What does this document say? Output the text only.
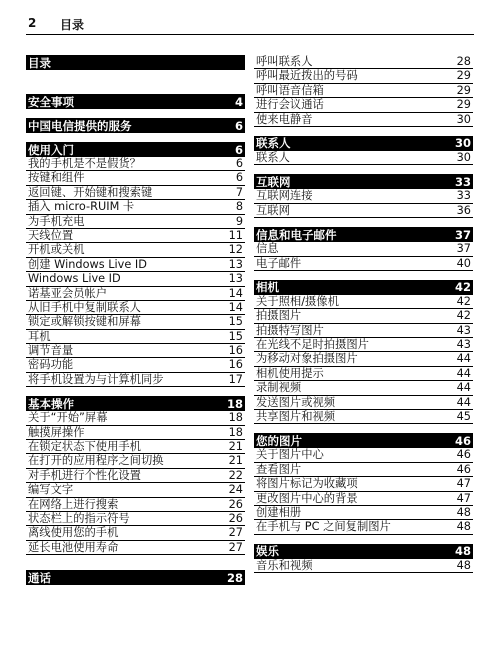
2 目录
目录
安全事项	4
中国电信提供的服务	6
使用入门	6
我的手机是不是假货？	6
按键和组件	6
返回键、开始键和搜索键	7
插入 micro-RUIM 卡	8
为手机充电	9
天线位置	11
开机或关机	12
创建 Windows Live ID	13
Windows Live ID	13
诺基亚会员帐户	14
从旧手机中复制联系人	14
锁定或解锁按键和屏幕	15
耳机	15
调节音量	16
密码功能	16
将手机设置为与计算机同步	17
基本操作	18
关于“开始”屏幕	18
触摸屏操作	18
在锁定状态下使用手机	21
在打开的应用程序之间切换	21
对手机进行个性化设置	22
编写文字	24
在网络上进行搜索	26
状态栏上的指示符号	26
离线使用您的手机	27
延长电池使用寿命	27
通话	28
呼叫联系人	28
呼叫最近拨出的号码	29
呼叫语音信箱	29
进行会议通话	29
使来电静音	30
联系人	30
联系人	30
互联网	33
互联网连接	33
互联网	36
信息和电子邮件	37
信息	37
电子邮件	40
相机	42
关于照相/摄像机	42
拍摄图片	42
拍摄特写图片	43
在光线不足时拍摄图片	43
为移动对象拍摄图片	44
相机使用提示	44
录制视频	44
发送图片或视频	44
共享图片和视频	45
您的图片	46
关于图片中心	46
查看图片	46
将图片标记为收藏项	47
更改图片中心的背景	47
创建相册	48
在手机与 PC 之间复制图片	48
娱乐	48
音乐和视频	48
